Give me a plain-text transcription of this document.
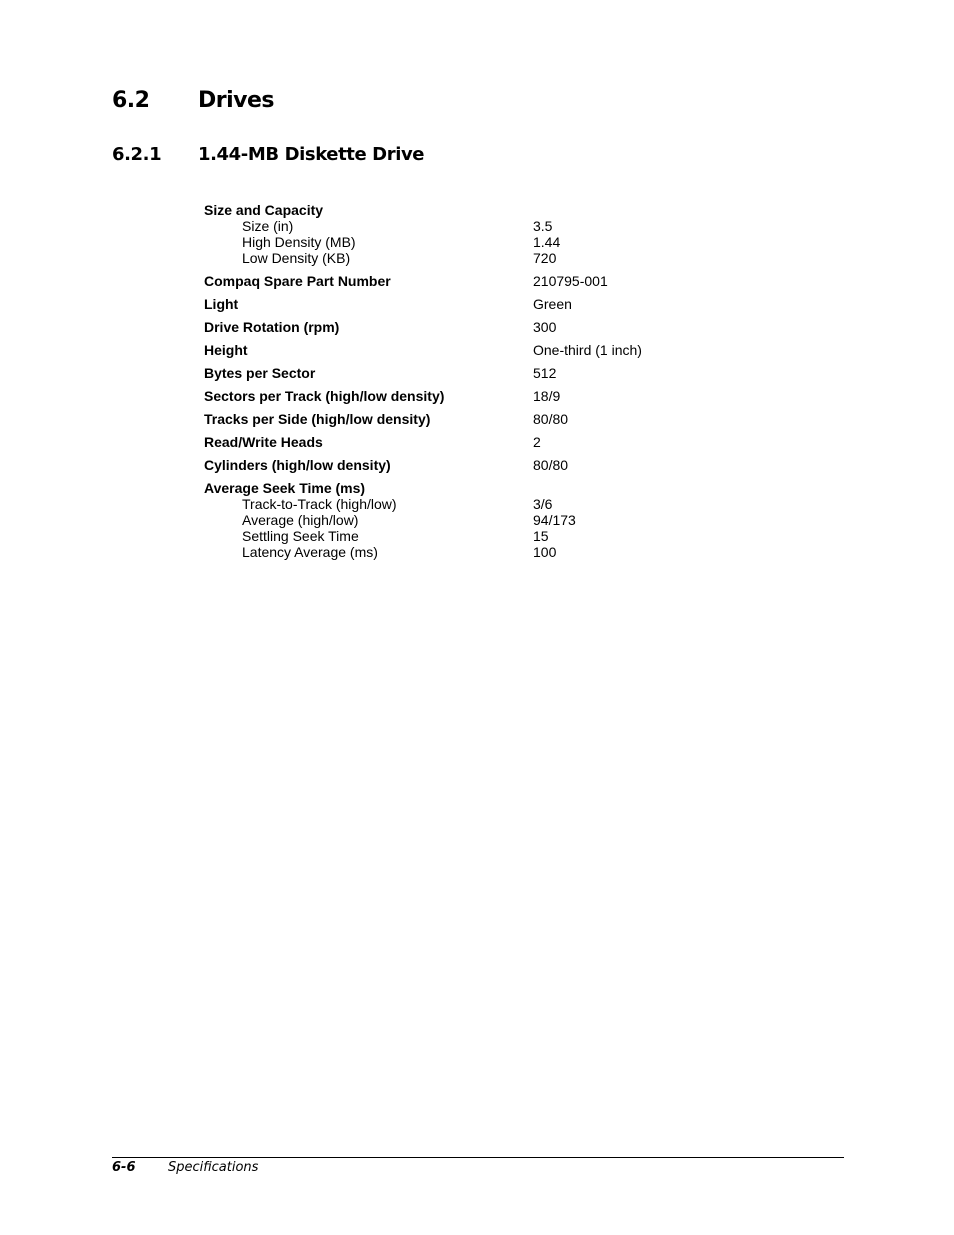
6.2 Drives
6.2.1 1.44-MB Diskette Drive
Size and Capacity
Size (in)	3.5
High Density (MB)	1.44
Low Density (KB)	720
Compaq Spare Part Number	210795-001
Light	Green
Drive Rotation (rpm)	300
Height	One-third (1 inch)
Bytes per Sector	512
Sectors per Track (high/low density)	18/9
Tracks per Side (high/low density)	80/80
Read/Write Heads	2
Cylinders (high/low density)	80/80
Average Seek Time (ms)
Track-to-Track (high/low)	3/6
Average (high/low)	94/173
Settling Seek Time	15
Latency Average (ms)	100
6-6	Specifications
